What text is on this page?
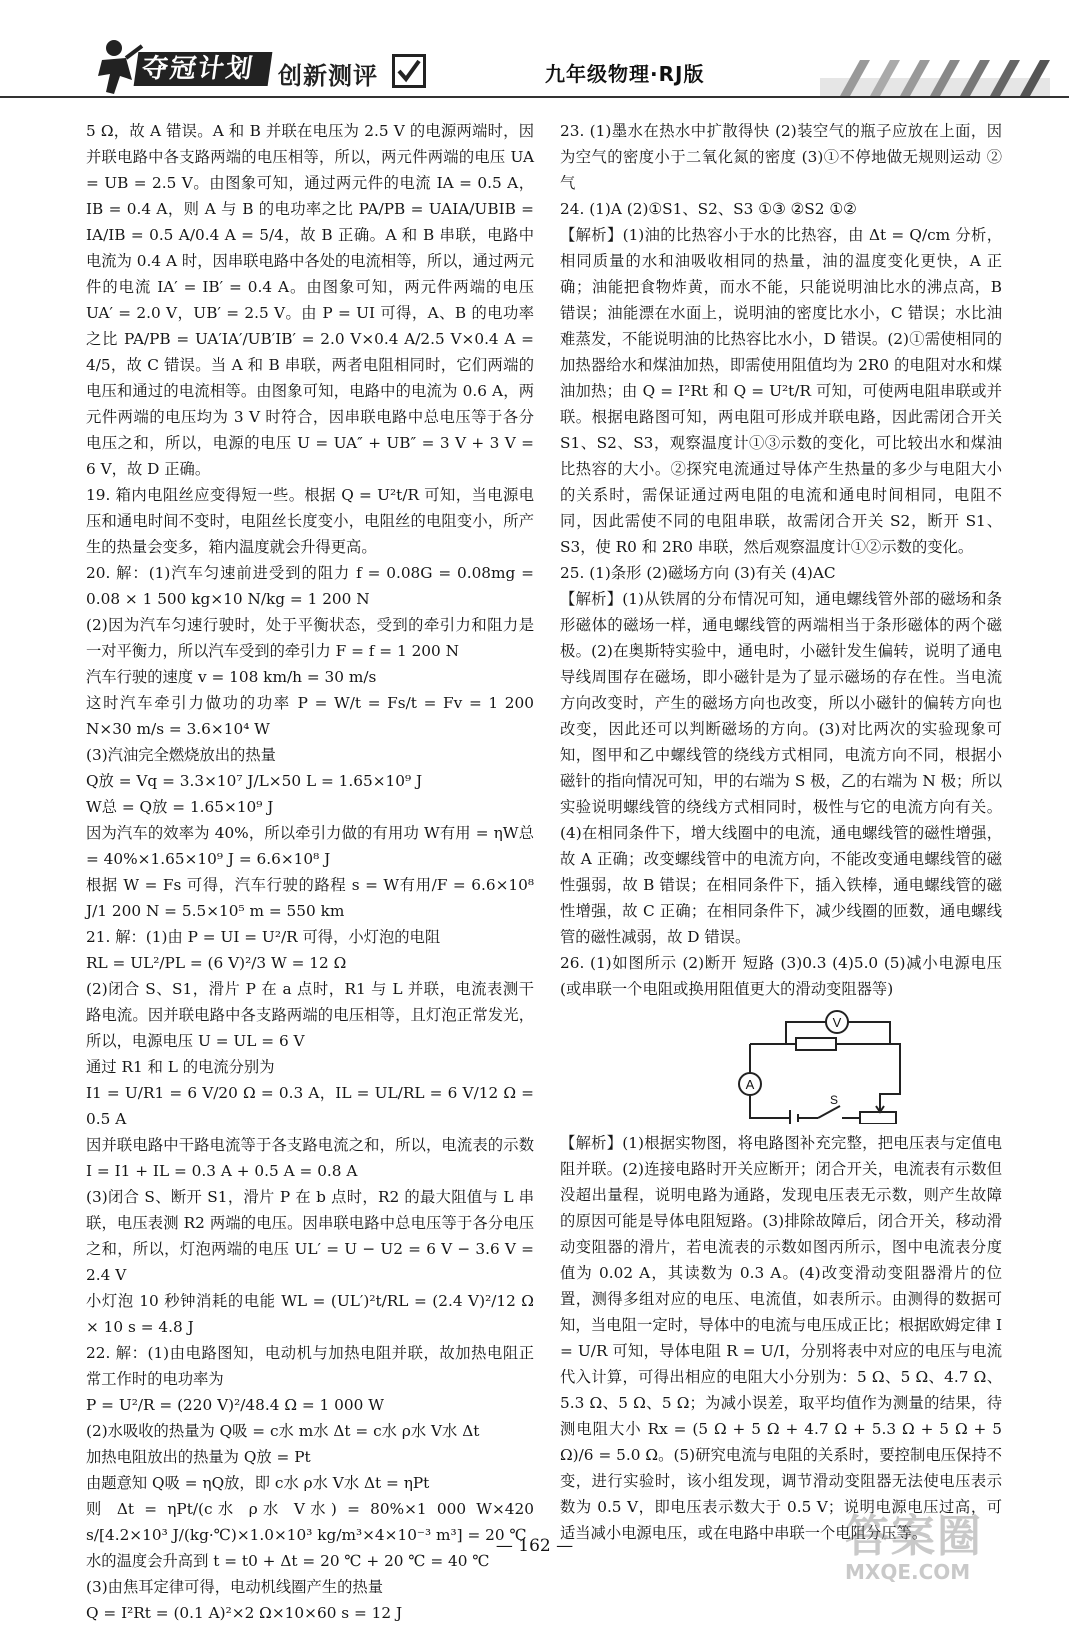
夺冠计划 创新测评	九年级物理·RJ版

5 Ω，故 A 错误。A 和 B 并联在电压为 2.5 V 的电源两端时，因并联电路中各支路两端的电压相等，所以，两元件两端的电压 UA = UB = 2.5 V。由图象可知，通过两元件的电流 IA = 0.5 A，IB = 0.4 A，则 A 与 B 的电功率之比 PA/PB = UAIA/UBIB = IA/IB = 0.5 A/0.4 A = 5/4，故 B 正确。A 和 B 串联，电路中电流为 0.4 A 时，因串联电路中各处的电流相等，所以，通过两元件的电流 IA′ = IB′ = 0.4 A。由图象可知，两元件两端的电压 UA′ = 2.0 V，UB′ = 2.5 V。由 P = UI 可得，A、B 的电功率之比 PA/PB = UA′IA′/UB′IB′ = 2.0 V×0.4 A/2.5 V×0.4 A = 4/5，故 C 错误。当 A 和 B 串联，两者电阻相同时，它们两端的电压和通过的电流相等。由图象可知，电路中的电流为 0.6 A，两元件两端的电压均为 3 V 时符合，因串联电路中总电压等于各分电压之和，所以，电源的电压 U = UA″ + UB″ = 3 V + 3 V = 6 V，故 D 正确。

19. 箱内电阻丝应变得短一些。根据 Q = U²t/R 可知，当电源电压和通电时间不变时，电阻丝长度变小，电阻丝的电阻变小，所产生的热量会变多，箱内温度就会升得更高。

20. 解：(1)汽车匀速前进受到的阻力 f = 0.08G = 0.08mg = 0.08 × 1 500 kg×10 N/kg = 1 200 N

(2)因为汽车匀速行驶时，处于平衡状态，受到的牵引力和阻力是一对平衡力，所以汽车受到的牵引力 F = f = 1 200 N

汽车行驶的速度 v = 108 km/h = 30 m/s

这时汽车牵引力做功的功率 P = W/t = Fs/t = Fv = 1 200 N×30 m/s = 3.6×10⁴ W

(3)汽油完全燃烧放出的热量

Q放 = Vq = 3.3×10⁷ J/L×50 L = 1.65×10⁹ J

W总 = Q放 = 1.65×10⁹ J

因为汽车的效率为 40%，所以牵引力做的有用功 W有用 = ηW总 = 40%×1.65×10⁹ J = 6.6×10⁸ J

根据 W = Fs 可得，汽车行驶的路程 s = W有用/F = 6.6×10⁸ J/1 200 N = 5.5×10⁵ m = 550 km

21. 解：(1)由 P = UI = U²/R 可得，小灯泡的电阻

RL = UL²/PL = (6 V)²/3 W = 12 Ω

(2)闭合 S、S1，滑片 P 在 a 点时，R1 与 L 并联，电流表测干路电流。因并联电路中各支路两端的电压相等，且灯泡正常发光，所以，电源电压 U = UL = 6 V

通过 R1 和 L 的电流分别为

I1 = U/R1 = 6 V/20 Ω = 0.3 A，IL = UL/RL = 6 V/12 Ω = 0.5 A

因并联电路中干路电流等于各支路电流之和，所以，电流表的示数 I = I1 + IL = 0.3 A + 0.5 A = 0.8 A

(3)闭合 S、断开 S1，滑片 P 在 b 点时，R2 的最大阻值与 L 串联，电压表测 R2 两端的电压。因串联电路中总电压等于各分电压之和，所以，灯泡两端的电压 UL′ = U − U2 = 6 V − 3.6 V = 2.4 V

小灯泡 10 秒钟消耗的电能 WL = (UL′)²t/RL = (2.4 V)²/12 Ω × 10 s = 4.8 J

22. 解：(1)由电路图知，电动机与加热电阻并联，故加热电阻正常工作时的电功率为

P = U²/R = (220 V)²/48.4 Ω = 1 000 W

(2)水吸收的热量为 Q吸 = c水 m水 Δt = c水 ρ水 V水 Δt

加热电阻放出的热量为 Q放 = Pt

由题意知 Q吸 = ηQ放，即 c水 ρ水 V水 Δt = ηPt

则 Δt = ηPt/(c水 ρ水 V水) = 80%×1 000 W×420 s/[4.2×10³ J/(kg·℃)×1.0×10³ kg/m³×4×10⁻³ m³] = 20 ℃

水的温度会升高到 t = t0 + Δt = 20 ℃ + 20 ℃ = 40 ℃

(3)由焦耳定律可得，电动机线圈产生的热量

Q = I²Rt = (0.1 A)²×2 Ω×10×60 s = 12 J

23. (1)墨水在热水中扩散得快 (2)装空气的瓶子应放在上面，因为空气的密度小于二氧化氮的密度 (3)①不停地做无规则运动 ②气

24. (1)A (2)①S1、S2、S3 ①③ ②S2 ①②

【解析】(1)油的比热容小于水的比热容，由 Δt = Q/cm 分析，相同质量的水和油吸收相同的热量，油的温度变化更快，A 正确；油能把食物炸黄，而水不能，只能说明油比水的沸点高，B 错误；油能漂在水面上，说明油的密度比水小，C 错误；水比油难蒸发，不能说明油的比热容比水小，D 错误。(2)①需使相同的加热器给水和煤油加热，即需使用阻值均为 2R0 的电阻对水和煤油加热；由 Q = I²Rt 和 Q = U²t/R 可知，可使两电阻串联或并联。根据电路图可知，两电阻可形成并联电路，因此需闭合开关 S1、S2、S3，观察温度计①③示数的变化，可比较出水和煤油比热容的大小。②探究电流通过导体产生热量的多少与电阻大小的关系时，需保证通过两电阻的电流和通电时间相同，电阻不同，因此需使不同的电阻串联，故需闭合开关 S2，断开 S1、S3，使 R0 和 2R0 串联，然后观察温度计①②示数的变化。

25. (1)条形 (2)磁场方向 (3)有关 (4)AC

【解析】(1)从铁屑的分布情况可知，通电螺线管外部的磁场和条形磁体的磁场一样，通电螺线管的两端相当于条形磁体的两个磁极。(2)在奥斯特实验中，通电时，小磁针发生偏转，说明了通电导线周围存在磁场，即小磁针是为了显示磁场的存在性。当电流方向改变时，产生的磁场方向也改变，所以小磁针的偏转方向也改变，因此还可以判断磁场的方向。(3)对比两次的实验现象可知，图甲和乙中螺线管的绕线方式相同，电流方向不同，根据小磁针的指向情况可知，甲的右端为 S 极，乙的右端为 N 极；所以实验说明螺线管的绕线方式相同时，极性与它的电流方向有关。(4)在相同条件下，增大线圈中的电流，通电螺线管的磁性增强，故 A 正确；改变螺线管中的电流方向，不能改变通电螺线管的磁性强弱，故 B 错误；在相同条件下，插入铁棒，通电螺线管的磁性增强，故 C 正确；在相同条件下，减少线圈的匝数，通电螺线管的磁性减弱，故 D 错误。

26. (1)如图所示 (2)断开 短路 (3)0.3 (4)5.0 (5)减小电源电压(或串联一个电阻或换用阻值更大的滑动变阻器等)

V
A
S

【解析】(1)根据实物图，将电路图补充完整，把电压表与定值电阻并联。(2)连接电路时开关应断开；闭合开关，电流表有示数但没超出量程，说明电路为通路，发现电压表无示数，则产生故障的原因可能是导体电阻短路。(3)排除故障后，闭合开关，移动滑动变阻器的滑片，若电流表的示数如图丙所示，图中电流表分度值为 0.02 A，其读数为 0.3 A。(4)改变滑动变阻器滑片的位置，测得多组对应的电压、电流值，如表所示。由测得的数据可知，当电阻一定时，导体中的电流与电压成正比；根据欧姆定律 I = U/R 可知，导体电阻 R = U/I，分别将表中对应的电压与电流代入计算，可得出相应的电阻大小分别为：5 Ω、5 Ω、4.7 Ω、5.3 Ω、5 Ω、5 Ω；为减小误差，取平均值作为测量的结果，待测电阻大小 Rx = (5 Ω + 5 Ω + 4.7 Ω + 5.3 Ω + 5 Ω + 5 Ω)/6 = 5.0 Ω。(5)研究电流与电阻的关系时，要控制电压保持不变，进行实验时，该小组发现，调节滑动变阻器无法使电压表示数为 0.5 V，即电压表示数大于 0.5 V；说明电源电压过高，可适当减小电源电压，或在电路中串联一个电阻分压等。

— 162 —	答案圈
MXQE.COM
